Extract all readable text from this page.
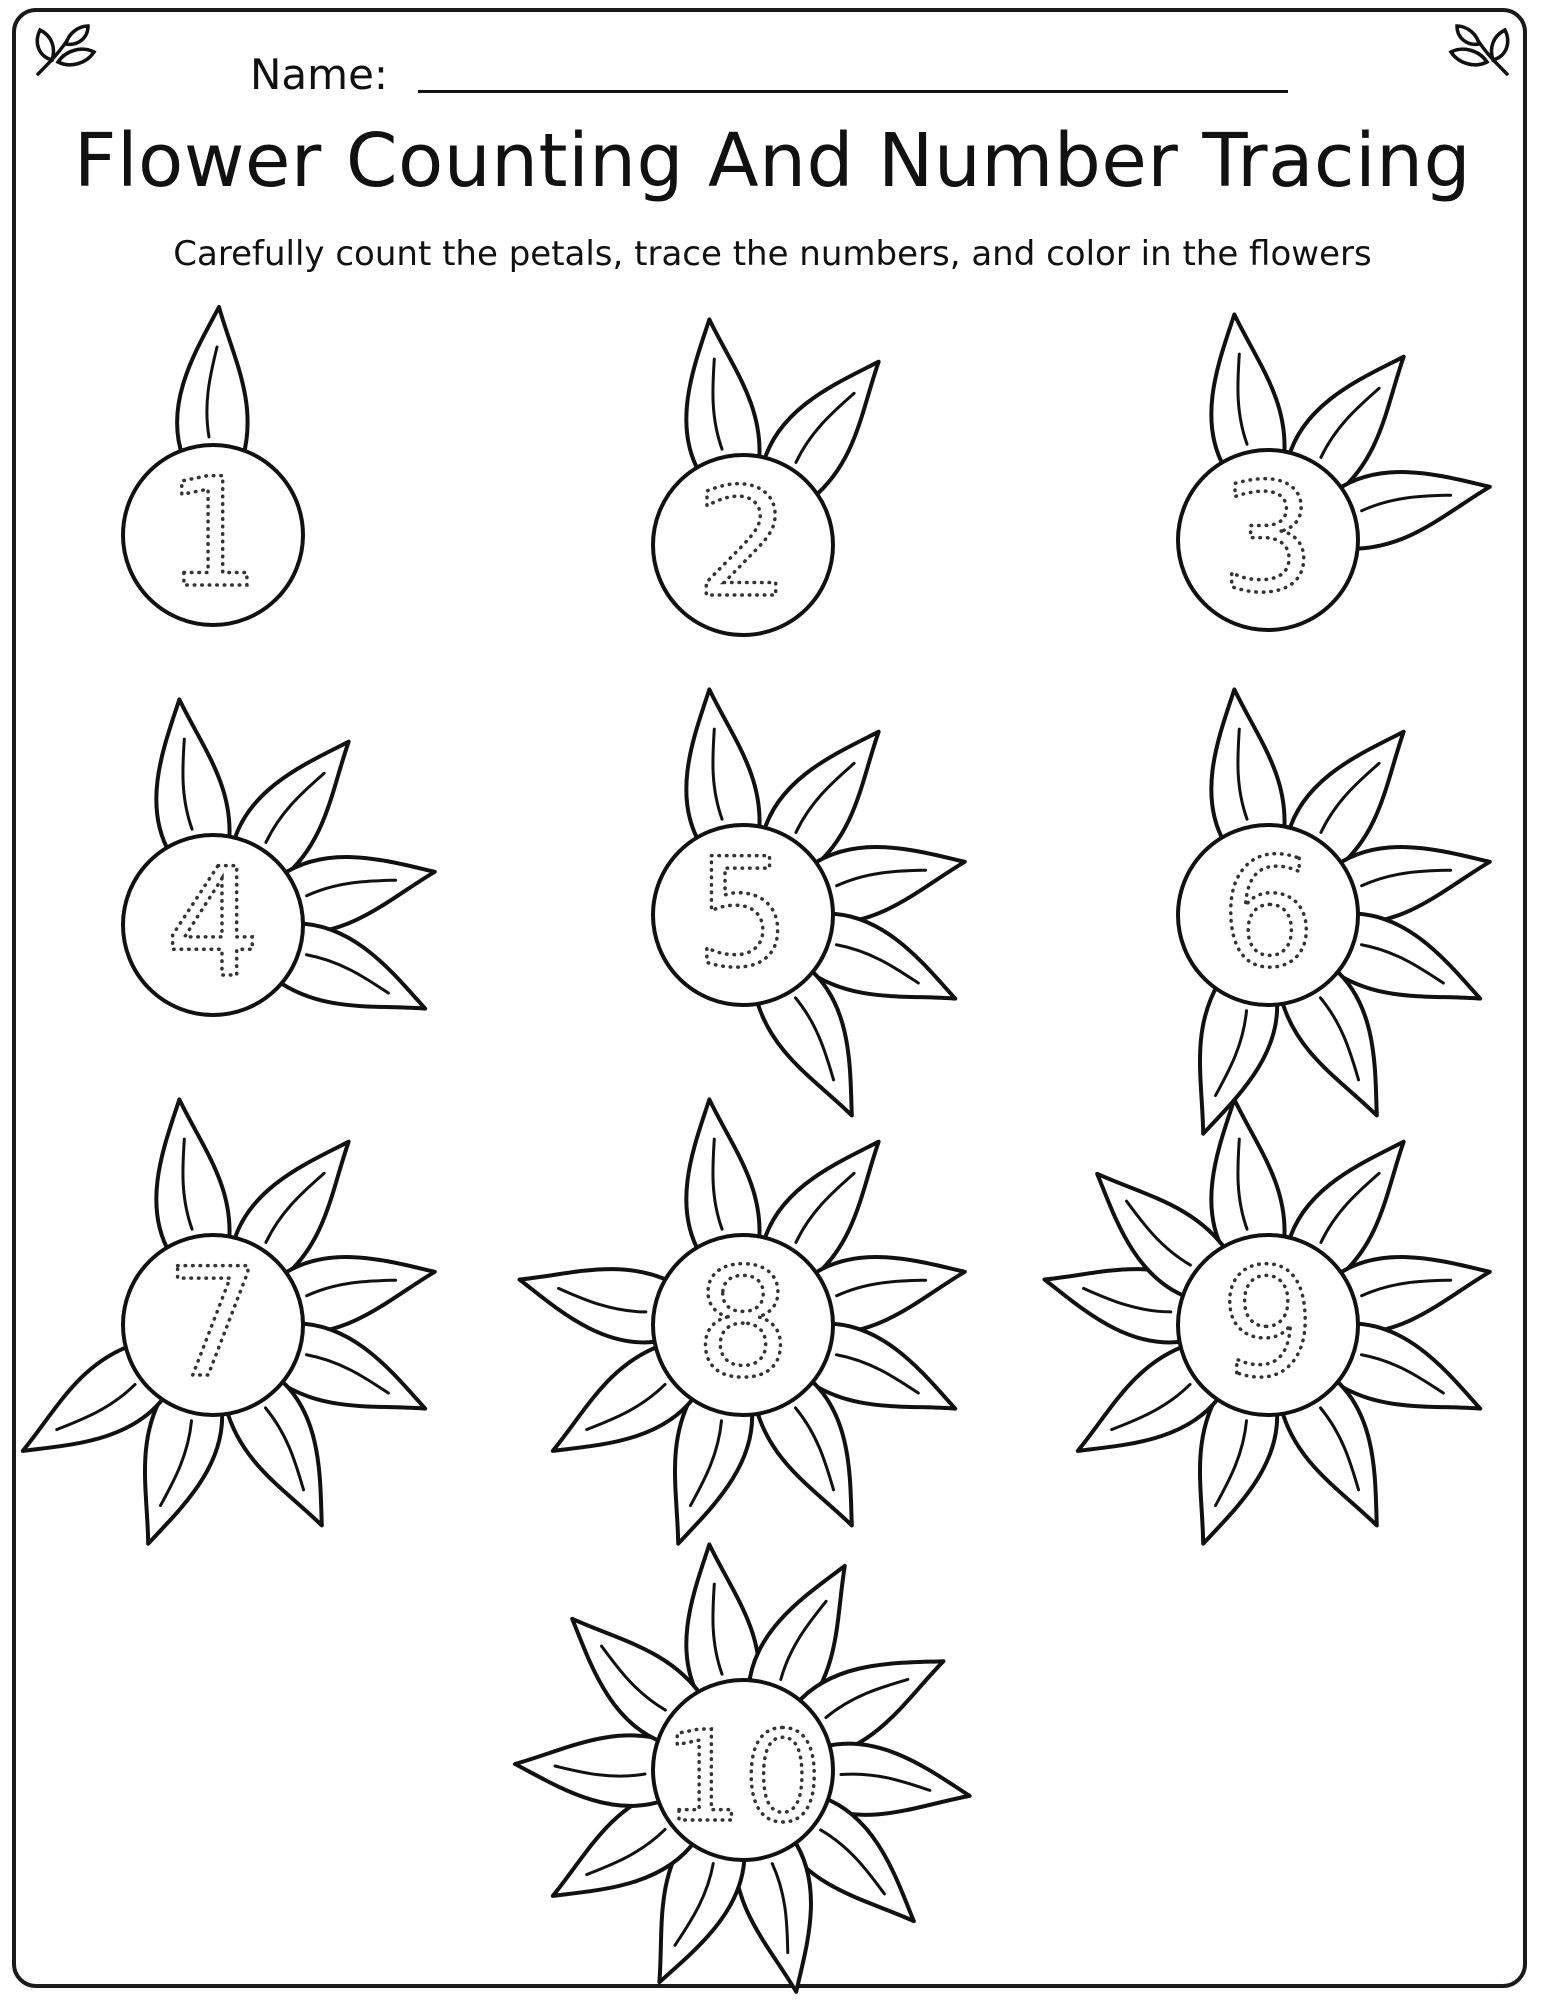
Name:
Flower Counting And Number Tracing
Carefully count the petals, trace the numbers, and color in the flowers
1	2	3
4	5	6
7	8	9
10
